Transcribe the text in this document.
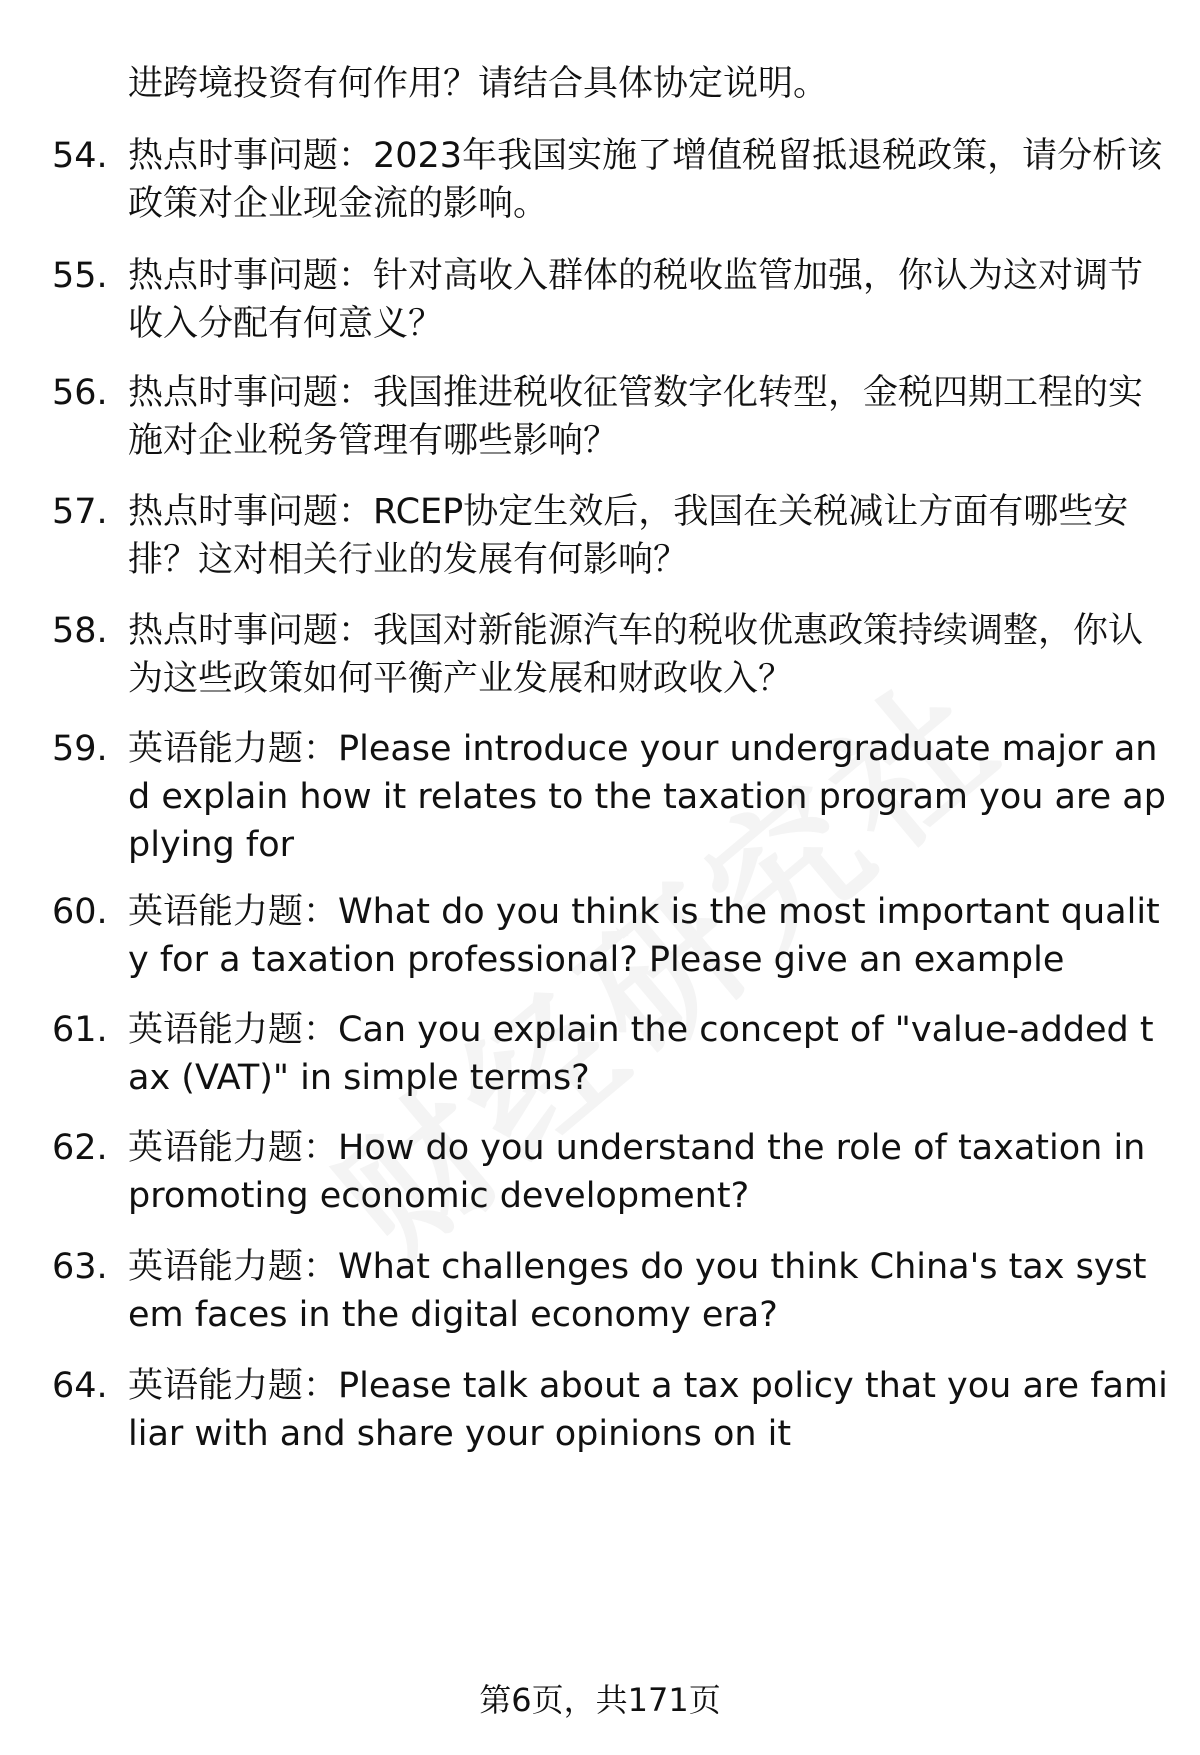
进跨境投资有何作用？请结合具体协定说明。
54. 热点时事问题：2023年我国实施了增值税留抵退税政策，请分析该政策对企业现金流的影响。
55. 热点时事问题：针对高收入群体的税收监管加强，你认为这对调节收入分配有何意义？
56. 热点时事问题：我国推进税收征管数字化转型，金税四期工程的实施对企业税务管理有哪些影响？
57. 热点时事问题：RCEP协定生效后，我国在关税减让方面有哪些安排？这对相关行业的发展有何影响？
58. 热点时事问题：我国对新能源汽车的税收优惠政策持续调整，你认为这些政策如何平衡产业发展和财政收入？
59. 英语能力题：Please introduce your undergraduate major and explain how it relates to the taxation program you are applying for
60. 英语能力题：What do you think is the most important quality for a taxation professional? Please give an example
61. 英语能力题：Can you explain the concept of "value-added tax (VAT)" in simple terms?
62. 英语能力题：How do you understand the role of taxation in promoting economic development?
63. 英语能力题：What challenges do you think China's tax system faces in the digital economy era?
64. 英语能力题：Please talk about a tax policy that you are familiar with and share your opinions on it
第6页，共171页
